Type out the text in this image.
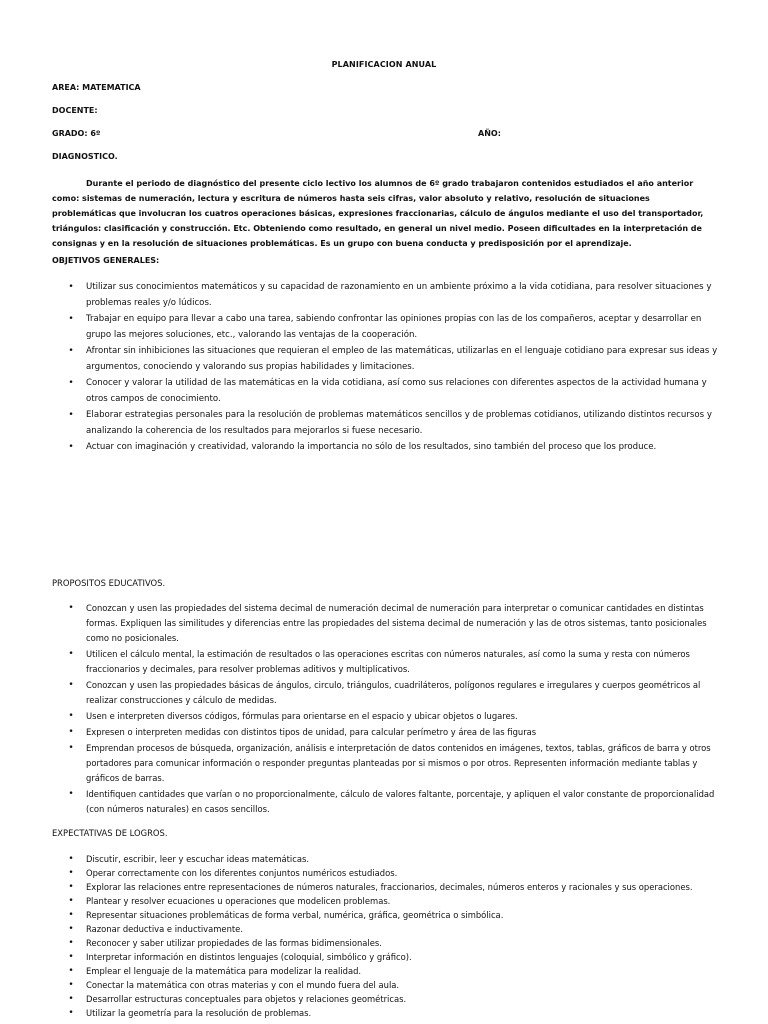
PLANIFICACION ANUAL
AREA: MATEMATICA
DOCENTE:
GRADO: 6º	AÑO:
DIAGNOSTICO.
Durante el periodo de diagnóstico del presente ciclo lectivo los alumnos de 6º grado trabajaron contenidos estudiados el año anterior como: sistemas de numeración, lectura y escritura de números hasta seis cifras, valor absoluto y relativo, resolución de situaciones problemáticas que involucran los cuatros operaciones básicas, expresiones fraccionarias, cálculo de ángulos mediante el uso del transportador, triángulos: clasificación y construcción. Etc. Obteniendo como resultado, en general un nivel medio. Poseen dificultades en la interpretación de consignas y en la resolución de situaciones problemáticas. Es un grupo con buena conducta y predisposición por el aprendizaje.
OBJETIVOS GENERALES:
• Utilizar sus conocimientos matemáticos y su capacidad de razonamiento en un ambiente próximo a la vida cotidiana, para resolver situaciones y problemas reales y/o lúdicos.
• Trabajar en equipo para llevar a cabo una tarea, sabiendo confrontar las opiniones propias con las de los compañeros, aceptar y desarrollar en grupo las mejores soluciones, etc., valorando las ventajas de la cooperación.
• Afrontar sin inhibiciones las situaciones que requieran el empleo de las matemáticas, utilizarlas en el lenguaje cotidiano para expresar sus ideas y argumentos, conociendo y valorando sus propias habilidades y limitaciones.
• Conocer y valorar la utilidad de las matemáticas en la vida cotidiana, así como sus relaciones con diferentes aspectos de la actividad humana y otros campos de conocimiento.
• Elaborar estrategias personales para la resolución de problemas matemáticos sencillos y de problemas cotidianos, utilizando distintos recursos y analizando la coherencia de los resultados para mejorarlos si fuese necesario.
• Actuar con imaginación y creatividad, valorando la importancia no sólo de los resultados, sino también del proceso que los produce.
PROPOSITOS EDUCATIVOS.
• Conozcan y usen las propiedades del sistema decimal de numeración decimal de numeración para interpretar o comunicar cantidades en distintas formas. Expliquen las similitudes y diferencias entre las propiedades del sistema decimal de numeración y las de otros sistemas, tanto posicionales como no posicionales.
• Utilicen el cálculo mental, la estimación de resultados o las operaciones escritas con números naturales, así como la suma y resta con números fraccionarios y decimales, para resolver problemas aditivos y multiplicativos.
• Conozcan y usen las propiedades básicas de ángulos, circulo, triángulos, cuadriláteros, polígonos regulares e irregulares y cuerpos geométricos al realizar construcciones y cálculo de medidas.
• Usen e interpreten diversos códigos, fórmulas para orientarse en el espacio y ubicar objetos o lugares.
• Expresen o interpreten medidas con distintos tipos de unidad, para calcular perímetro y área de las figuras
• Emprendan procesos de búsqueda, organización, análisis e interpretación de datos contenidos en imágenes, textos, tablas, gráficos de barra y otros portadores para comunicar información o responder preguntas planteadas por si mismos o por otros. Representen información mediante tablas y gráficos de barras.
• Identifiquen cantidades que varían o no proporcionalmente, cálculo de valores faltante, porcentaje, y apliquen el valor constante de proporcionalidad (con números naturales) en casos sencillos.
EXPECTATIVAS DE LOGROS.
• Discutir, escribir, leer y escuchar ideas matemáticas.
• Operar correctamente con los diferentes conjuntos numéricos estudiados.
• Explorar las relaciones entre representaciones de números naturales, fraccionarios, decimales, números enteros y racionales y sus operaciones.
• Plantear y resolver ecuaciones u operaciones que modelicen problemas.
• Representar situaciones problemáticas de forma verbal, numérica, gráfica, geométrica o simbólica.
• Razonar deductiva e inductivamente.
• Reconocer y saber utilizar propiedades de las formas bidimensionales.
• Interpretar información en distintos lenguajes (coloquial, simbólico y gráfico).
• Emplear el lenguaje de la matemática para modelizar la realidad.
• Conectar la matemática con otras materias y con el mundo fuera del aula.
• Desarrollar estructuras conceptuales para objetos y relaciones geométricas.
• Utilizar la geometría para la resolución de problemas.
